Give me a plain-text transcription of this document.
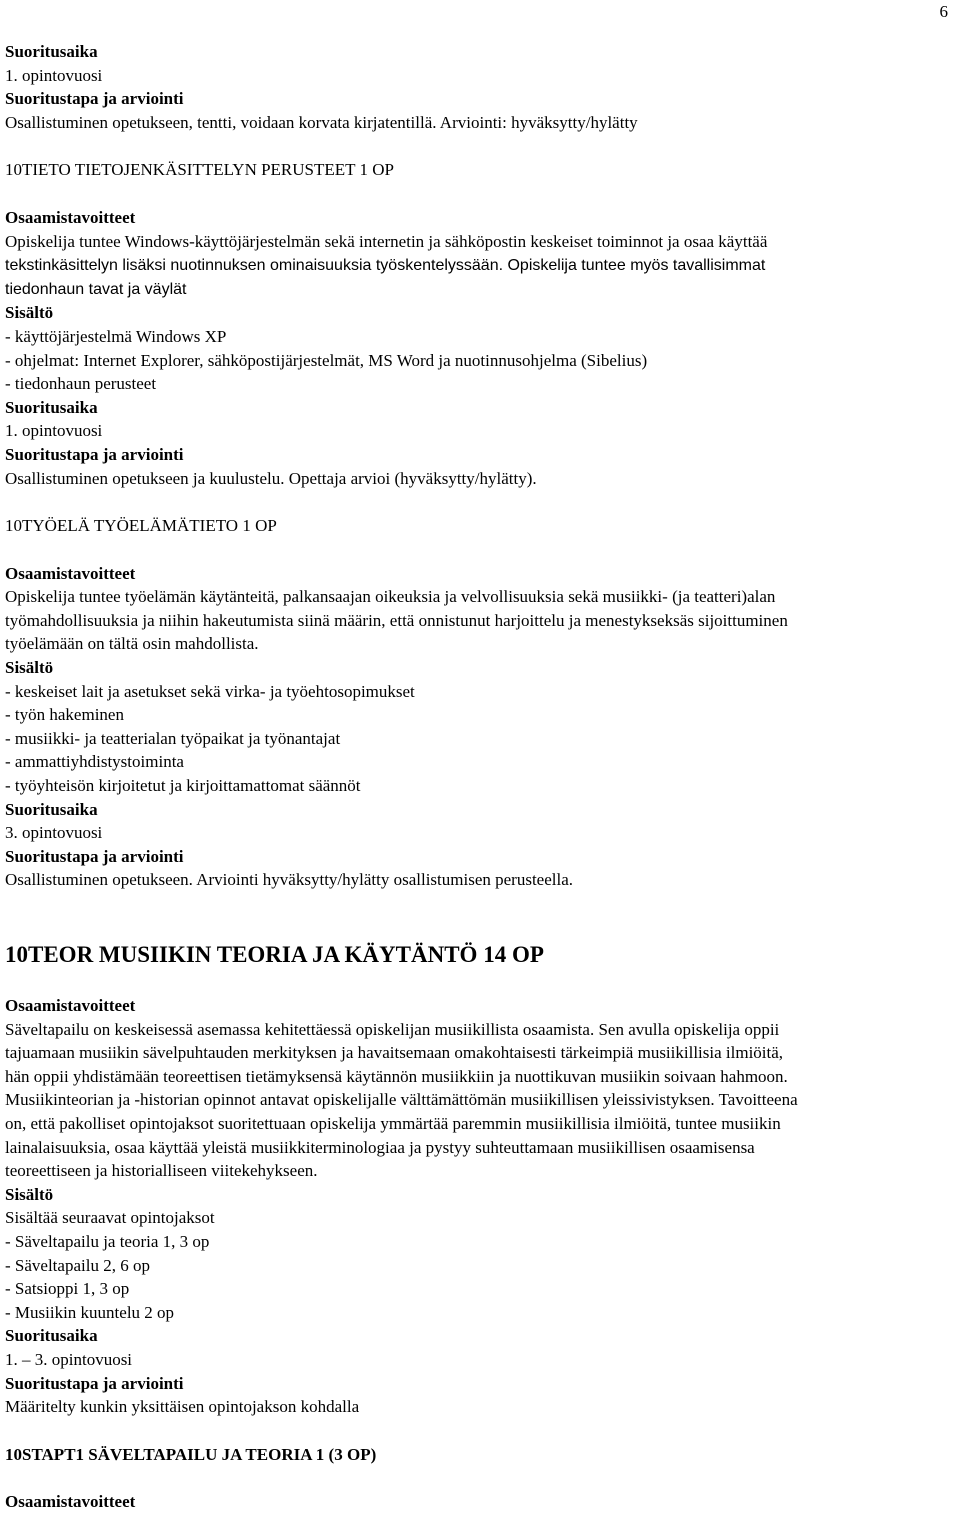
6

Suoritusaika

1. opintovuosi

Suoritustapa ja arviointi

Osallistuminen opetukseen, tentti, voidaan korvata kirjatentillä. Arviointi: hyväksytty/hylätty

10TIETO TIETOJENKÄSITTELYN PERUSTEET 1 OP

Osaamistavoitteet

Opiskelija tuntee Windows-käyttöjärjestelmän sekä internetin ja sähköpostin keskeiset toiminnot ja osaa käyttää

tekstinkäsittelyn lisäksi nuotinnuksen ominaisuuksia työskentelyssään. Opiskelija tuntee myös tavallisimmat

tiedonhaun tavat ja väylät

Sisältö

- käyttöjärjestelmä Windows XP

- ohjelmat: Internet Explorer, sähköpostijärjestelmät, MS Word ja nuotinnusohjelma (Sibelius)

- tiedonhaun perusteet

Suoritusaika

1. opintovuosi

Suoritustapa ja arviointi

Osallistuminen opetukseen ja kuulustelu. Opettaja arvioi (hyväksytty/hylätty).

10TYÖELÄ TYÖELÄMÄTIETO 1 OP

Osaamistavoitteet

Opiskelija tuntee työelämän käytänteitä, palkansaajan oikeuksia ja velvollisuuksia sekä musiikki- (ja teatteri)alan

työmahdollisuuksia ja niihin hakeutumista siinä määrin, että onnistunut harjoittelu ja menestykseksäs sijoittuminen

työelämään on tältä osin mahdollista.

Sisältö

- keskeiset lait ja asetukset sekä virka- ja työehtosopimukset

- työn hakeminen

- musiikki- ja teatterialan työpaikat ja työnantajat

- ammattiyhdistystoiminta

- työyhteisön kirjoitetut ja kirjoittamattomat säännöt

Suoritusaika

3. opintovuosi

Suoritustapa ja arviointi

Osallistuminen opetukseen. Arviointi hyväksytty/hylätty osallistumisen perusteella.

10TEOR MUSIIKIN TEORIA JA KÄYTÄNTÖ 14 OP

Osaamistavoitteet

Säveltapailu on keskeisessä asemassa kehitettäessä opiskelijan musiikillista osaamista. Sen avulla opiskelija oppii

tajuamaan musiikin sävelpuhtauden merkityksen ja havaitsemaan omakohtaisesti tärkeimpiä musiikillisia ilmiöitä,

hän oppii yhdistämään teoreettisen tietämyksensä käytännön musiikkiin ja nuottikuvan musiikin soivaan hahmoon.

Musiikinteorian ja -historian opinnot antavat opiskelijalle välttämättömän musiikillisen yleissivistyksen. Tavoitteena

on, että pakolliset opintojaksot suoritettuaan opiskelija ymmärtää paremmin musiikillisia ilmiöitä, tuntee musiikin

lainalaisuuksia, osaa käyttää yleistä musiikkiterminologiaa ja pystyy suhteuttamaan musiikillisen osaamisensa

teoreettiseen ja historialliseen viitekehykseen.

Sisältö

Sisältää seuraavat opintojaksot

- Säveltapailu ja teoria 1, 3 op

- Säveltapailu 2, 6 op

- Satsioppi 1, 3 op

- Musiikin kuuntelu 2 op

Suoritusaika

1. – 3. opintovuosi

Suoritustapa ja arviointi

Määritelty kunkin yksittäisen opintojakson kohdalla

10STAPT1 SÄVELTAPAILU JA TEORIA 1 (3 OP)

Osaamistavoitteet
